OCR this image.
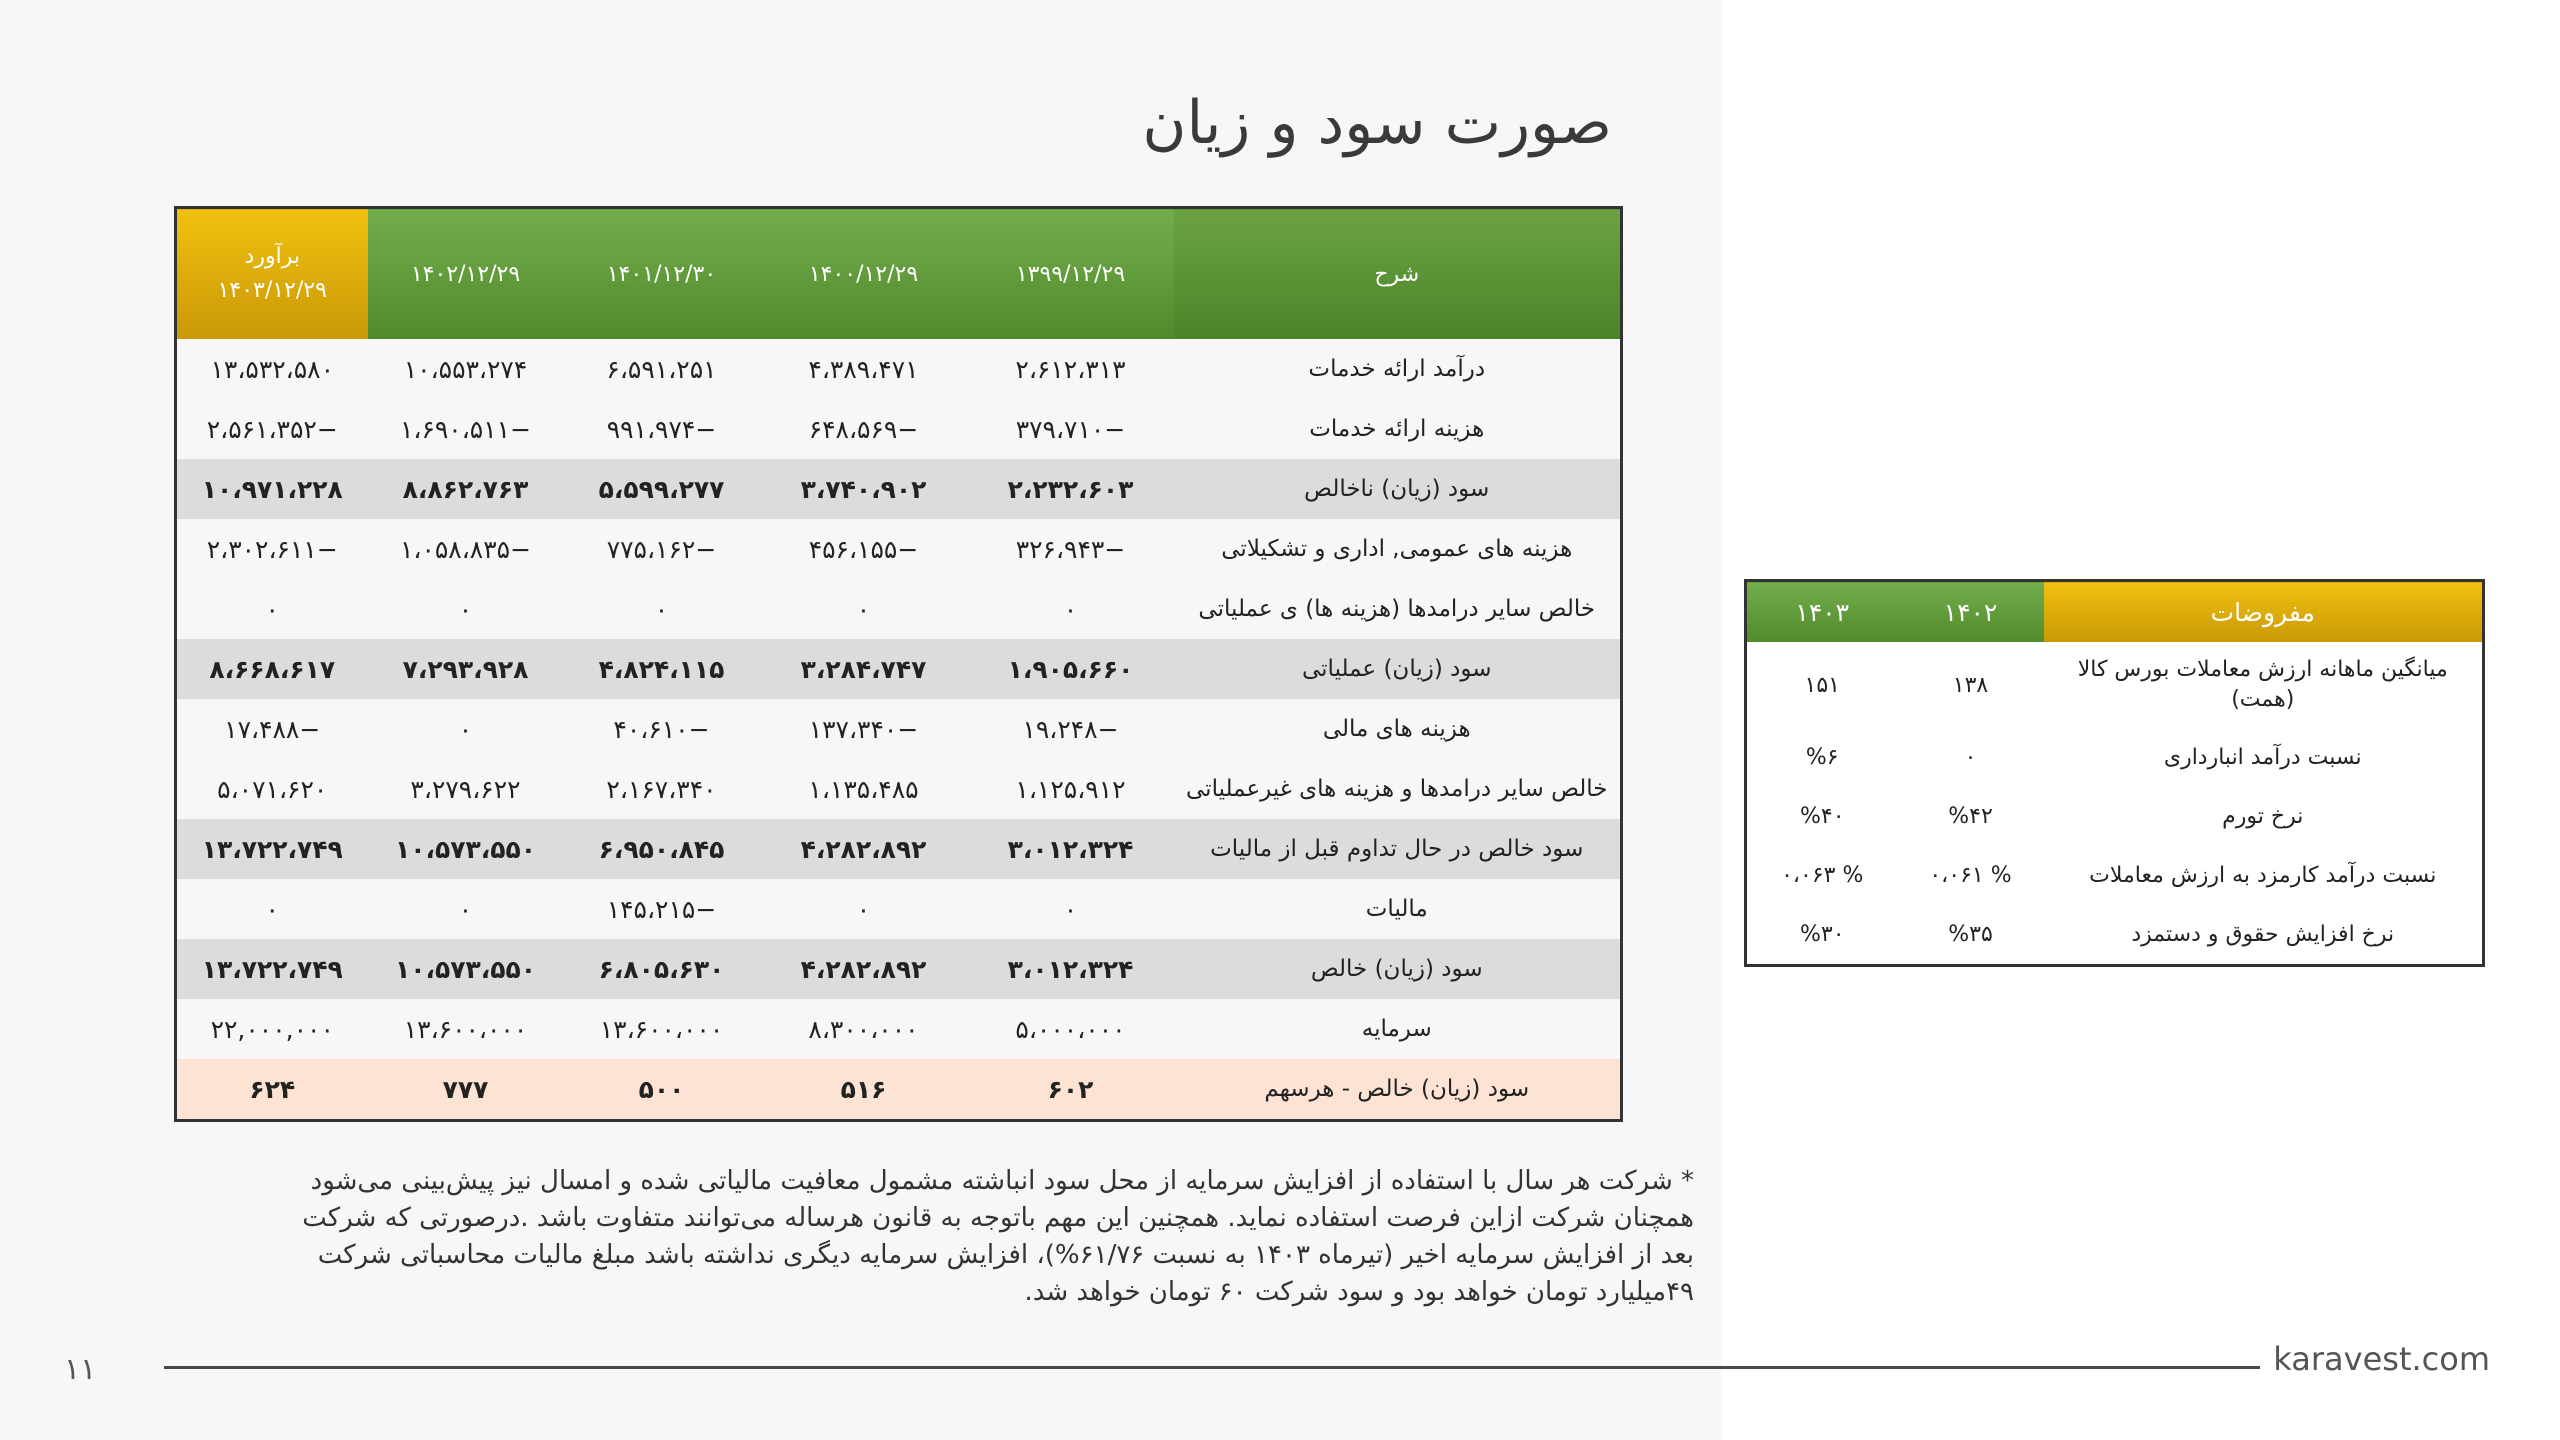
صورت سود و زیان
شرح	۱۳۹۹/۱۲/۲۹	۱۴۰۰/۱۲/۲۹	۱۴۰۱/۱۲/۳۰	۱۴۰۲/۱۲/۲۹	برآورد
۱۴۰۳/۱۲/۲۹

درآمد ارائه خدمات	۲،۶۱۲،۳۱۳	۴،۳۸۹،۴۷۱	۶،۵۹۱،۲۵۱	۱۰،۵۵۳،۲۷۴	۱۳،۵۳۲،۵۸۰
هزینه ارائه خدمات	−۳۷۹،۷۱۰	−۶۴۸،۵۶۹	−۹۹۱،۹۷۴	−۱،۶۹۰،۵۱۱	−۲،۵۶۱،۳۵۲
سود (زیان) ناخالص	۲،۲۳۲،۶۰۳	۳،۷۴۰،۹۰۲	۵،۵۹۹،۲۷۷	۸،۸۶۲،۷۶۳	۱۰،۹۷۱،۲۲۸
هزینه های عمومی, اداری و تشکیلاتی	−۳۲۶،۹۴۳	−۴۵۶،۱۵۵	−۷۷۵،۱۶۲	−۱،۰۵۸،۸۳۵	−۲،۳۰۲،۶۱۱
خالص سایر درامدها (هزینه ها) ی عملیاتی	۰	۰	۰	۰	۰
سود (زیان) عملیاتی	۱،۹۰۵،۶۶۰	۳،۲۸۴،۷۴۷	۴،۸۲۴،۱۱۵	۷،۲۹۳،۹۲۸	۸،۶۶۸،۶۱۷
هزینه های مالی	−۱۹،۲۴۸	−۱۳۷،۳۴۰	−۴۰،۶۱۰	۰	−۱۷،۴۸۸
خالص سایر درامدها و هزینه های غیرعملیاتی	۱،۱۲۵،۹۱۲	۱،۱۳۵،۴۸۵	۲،۱۶۷،۳۴۰	۳،۲۷۹،۶۲۲	۵،۰۷۱،۶۲۰
سود خالص در حال تداوم قبل از مالیات	۳،۰۱۲،۳۲۴	۴،۲۸۲،۸۹۲	۶،۹۵۰،۸۴۵	۱۰،۵۷۳،۵۵۰	۱۳،۷۲۲،۷۴۹
مالیات	۰	۰	−۱۴۵،۲۱۵	۰	۰
سود (زیان) خالص	۳،۰۱۲،۳۲۴	۴،۲۸۲،۸۹۲	۶،۸۰۵،۶۳۰	۱۰،۵۷۳،۵۵۰	۱۳،۷۲۲،۷۴۹
سرمایه	۵،۰۰۰،۰۰۰	۸،۳۰۰،۰۰۰	۱۳،۶۰۰،۰۰۰	۱۳،۶۰۰،۰۰۰	۲۲,۰۰۰,۰۰۰
سود (زیان) خالص - هرسهم	۶۰۲	۵۱۶	۵۰۰	۷۷۷	۶۲۴
مفروضات	۱۴۰۲	۱۴۰۳
میانگین ماهانه ارزش معاملات بورس کالا (همت)	۱۳۸	۱۵۱
نسبت درآمد انبارداری	۰	%۶
نرخ تورم	%۴۲	%۴۰
نسبت درآمد کارمزد به ارزش معاملات	% ۰،۰۶۱	% ۰،۰۶۳
نرخ افزایش حقوق و دستمزد	%۳۵	%۳۰

* شرکت هر سال با استفاده از افزایش سرمایه از محل سود انباشته مشمول معافیت مالیاتی شده و امسال نیز پیش‌بینی می‌شود

همچنان شرکت ازاین فرصت استفاده نماید. همچنین این مهم باتوجه به قانون هرساله می‌توانند متفاوت باشد .درصورتی که شرکت

بعد از افزایش سرمایه اخیر (تیرماه ۱۴۰۳ به نسبت ۶۱/۷۶%)، افزایش سرمایه دیگری نداشته باشد مبلغ مالیات محاسباتی شرکت

۴۹میلیارد تومان خواهد بود و سود شرکت ۶۰ تومان خواهد شد.

۱۱	karavest.com
